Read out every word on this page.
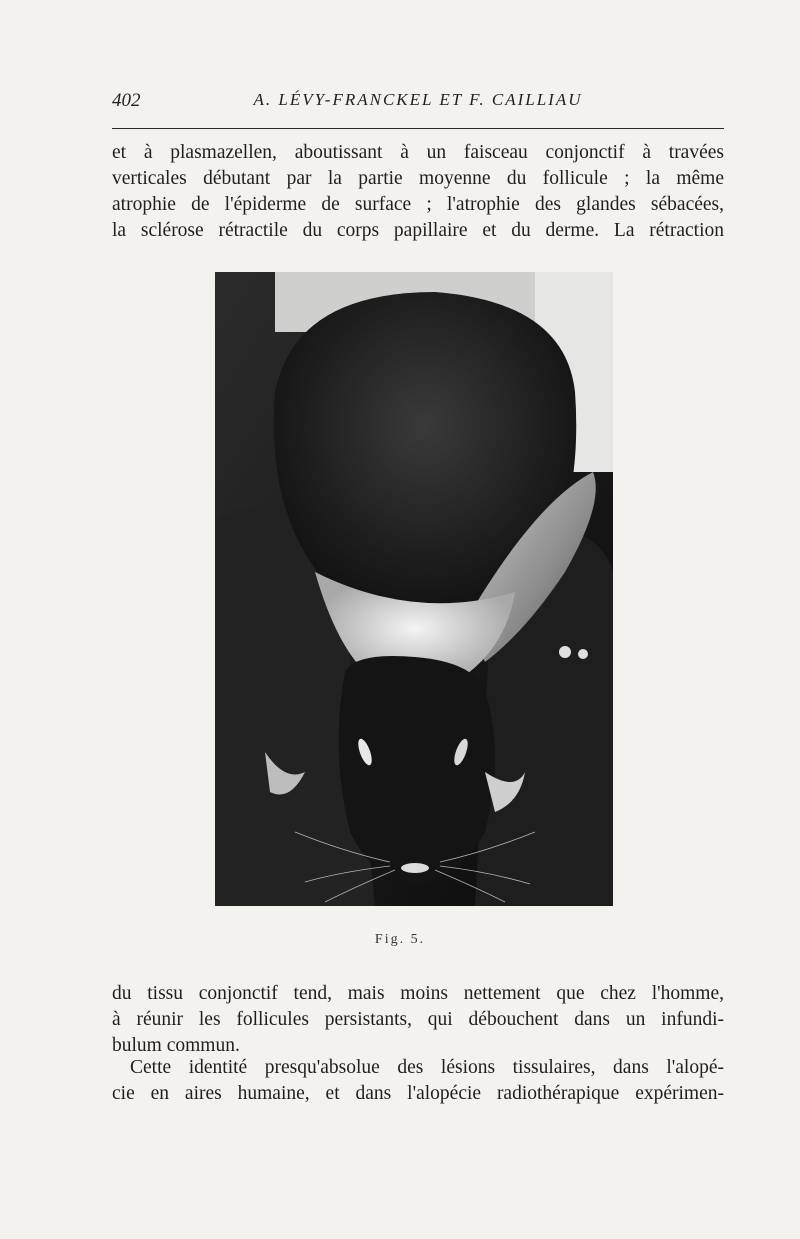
402	A. LÉVY-FRANCKEL ET F. CAILLIAU

et à plasmazellen, aboutissant à un faisceau conjonctif à travées
verticales débutant par la partie moyenne du follicule ; la même
atrophie de l'épiderme de surface ; l'atrophie des glandes sébacées,
la sclérose rétractile du corps papillaire et du derme. La rétraction

Fig. 5.

du tissu conjonctif tend, mais moins nettement que chez l'homme,
à réunir les follicules persistants, qui débouchent dans un infundi-
bulum commun.

Cette identité presqu'absolue des lésions tissulaires, dans l'alopé-
cie en aires humaine, et dans l'alopécie radiothérapique expérimen-
